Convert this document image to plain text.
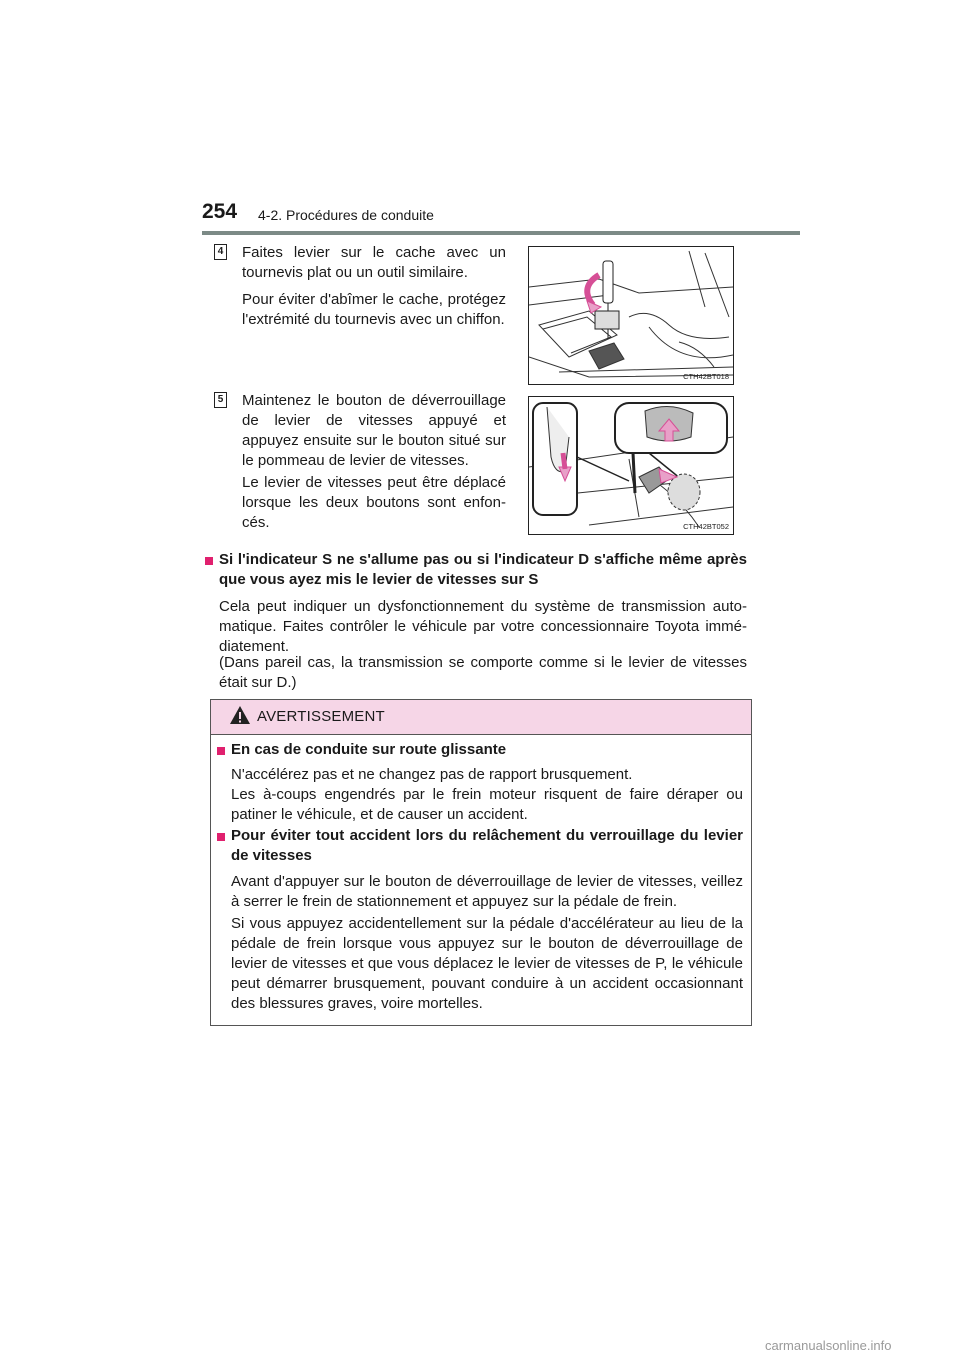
254 4-2. Procédures de conduite
4 Faites levier sur le cache avec un tournevis plat ou un outil similaire.
Pour éviter d'abîmer le cache, protégez l'extrémité du tournevis avec un chiffon.
CTH42BT018
5 Maintenez le bouton de déverrouillage de levier de vitesses appuyé et appuyez ensuite sur le bouton situé sur le pommeau de levier de vitesses.
Le levier de vitesses peut être déplacé lorsque les deux boutons sont enfoncés.	CTH42BT052
Si l'indicateur S ne s'allume pas ou si l'indicateur D s'affiche même après que vous ayez mis le levier de vitesses sur S
Cela peut indiquer un dysfonctionnement du système de transmission automatique. Faites contrôler le véhicule par votre concessionnaire Toyota immédiatement.
(Dans pareil cas, la transmission se comporte comme si le levier de vitesses était sur D.)
AVERTISSEMENT
En cas de conduite sur route glissante
N'accélérez pas et ne changez pas de rapport brusquement.
Les à-coups engendrés par le frein moteur risquent de faire déraper ou patiner le véhicule, et de causer un accident.
Pour éviter tout accident lors du relâchement du verrouillage du levier de vitesses
Avant d'appuyer sur le bouton de déverrouillage de levier de vitesses, veillez à serrer le frein de stationnement et appuyez sur la pédale de frein.
Si vous appuyez accidentellement sur la pédale d'accélérateur au lieu de la pédale de frein lorsque vous appuyez sur le bouton de déverrouillage de levier de vitesses et que vous déplacez le levier de vitesses de P, le véhicule peut démarrer brusquement, pouvant conduire à un accident occasionnant des blessures graves, voire mortelles.
carmanualsonline.info
